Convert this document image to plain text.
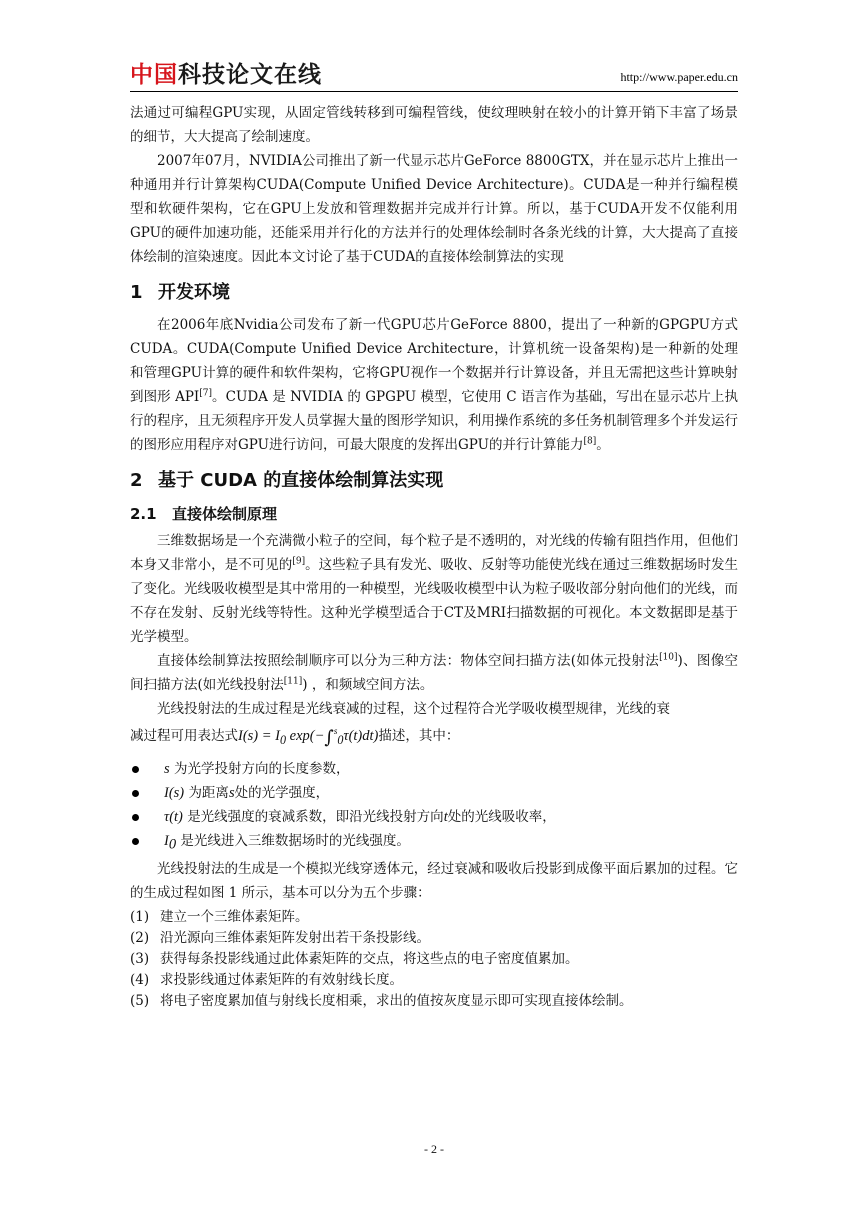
中国科技论文在线	http://www.paper.edu.cn

法通过可编程GPU实现，从固定管线转移到可编程管线，使纹理映射在较小的计算开销下丰富了场景的细节，大大提高了绘制速度。

2007年07月，NVIDIA公司推出了新一代显示芯片GeForce 8800GTX，并在显示芯片上推出一种通用并行计算架构CUDA(Compute Unified Device Architecture)。CUDA是一种并行编程模型和软硬件架构，它在GPU上发放和管理数据并完成并行计算。所以，基于CUDA开发不仅能利用GPU的硬件加速功能，还能采用并行化的方法并行的处理体绘制时各条光线的计算，大大提高了直接体绘制的渲染速度。因此本文讨论了基于CUDA的直接体绘制算法的实现

1 开发环境

在2006年底Nvidia公司发布了新一代GPU芯片GeForce 8800，提出了一种新的GPGPU方式CUDA。CUDA(Compute Unified Device Architecture，计算机统一设备架构)是一种新的处理和管理GPU计算的硬件和软件架构，它将GPU视作一个数据并行计算设备，并且无需把这些计算映射到图形 API[7]。CUDA 是 NVIDIA 的 GPGPU 模型，它使用 C 语言作为基础，写出在显示芯片上执行的程序，且无须程序开发人员掌握大量的图形学知识，利用操作系统的多任务机制管理多个并发运行的图形应用程序对GPU进行访问，可最大限度的发挥出GPU的并行计算能力[8]。

2 基于 CUDA 的直接体绘制算法实现
2.1 直接体绘制原理

三维数据场是一个充满微小粒子的空间，每个粒子是不透明的，对光线的传输有阻挡作用，但他们本身又非常小，是不可见的[9]。这些粒子具有发光、吸收、反射等功能使光线在通过三维数据场时发生了变化。光线吸收模型是其中常用的一种模型，光线吸收模型中认为粒子吸收部分射向他们的光线，而不存在发射、反射光线等特性。这种光学模型适合于CT及MRI扫描数据的可视化。本文数据即是基于光学模型。

直接体绘制算法按照绘制顺序可以分为三种方法：物体空间扫描方法(如体元投射法[10])、图像空间扫描方法(如光线投射法[11]) ，和频域空间方法。

光线投射法的生成过程是光线衰减的过程，这个过程符合光学吸收模型规律，光线的衰

减过程可用表达式$I(s) = I_0$ exp(−∫$^s_0$τ(t)dt)描述，其中：

s 为光学投射方向的长度参数，
I(s) 为距离s处的光学强度，
τ(t) 是光线强度的衰减系数，即沿光线投射方向t处的光线吸收率，
$I_0$ 是光线进入三维数据场时的光线强度。

光线投射法的生成是一个模拟光线穿透体元，经过衰减和吸收后投影到成像平面后累加的过程。它的生成过程如图 1 所示，基本可以分为五个步骤：

(1) 建立一个三维体素矩阵。
(2) 沿光源向三维体素矩阵发射出若干条投影线。
(3) 获得每条投影线通过此体素矩阵的交点，将这些点的电子密度值累加。
(4) 求投影线通过体素矩阵的有效射线长度。
(5) 将电子密度累加值与射线长度相乘，求出的值按灰度显示即可实现直接体绘制。
- 2 -
